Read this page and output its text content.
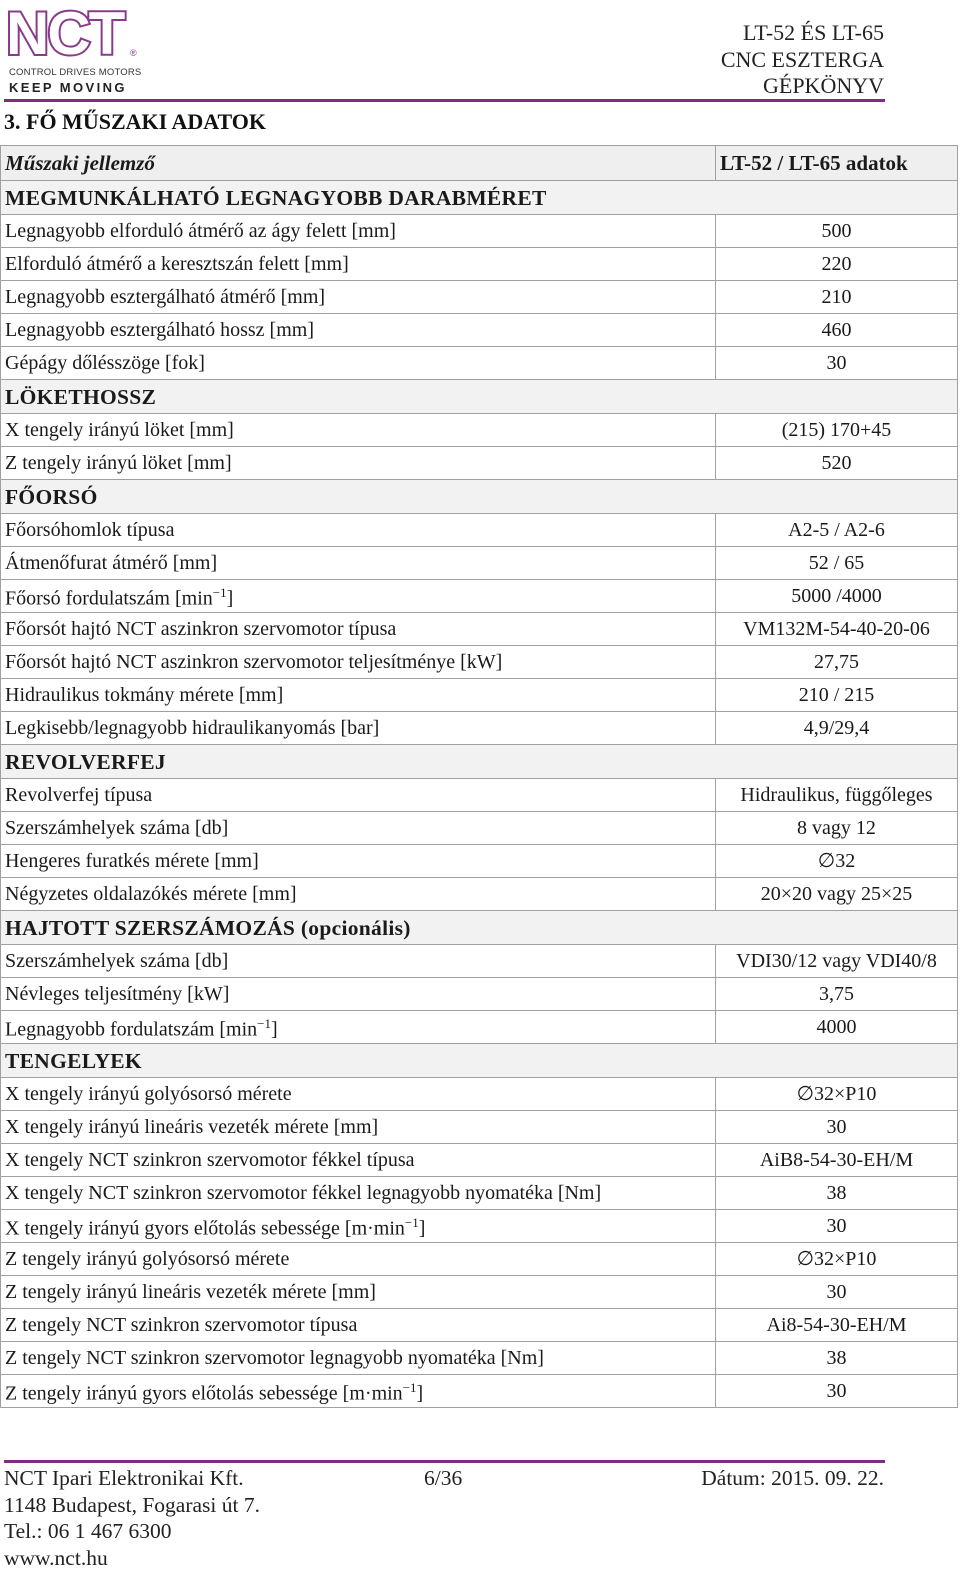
NCT ®
CONTROL DRIVES MOTORS
KEEP MOVING
LT-52 ÉS LT-65
CNC ESZTERGA
GÉPKÖNYV
3. FŐ MŰSZAKI ADATOK
Műszaki jellemző	LT-52 / LT-65 adatok
MEGMUNKÁLHATÓ LEGNAGYOBB DARABMÉRET	
Legnagyobb elforduló átmérő az ágy felett [mm]	500
Elforduló átmérő a keresztszán felett [mm]	220
Legnagyobb esztergálható átmérő [mm]	210
Legnagyobb esztergálható hossz [mm]	460
Gépágy dőlésszöge [fok]	30
LÖKETHOSSZ	
X tengely irányú löket [mm]	(215) 170+45
Z tengely irányú löket [mm]	520
FŐORSÓ	
Főorsóhomlok típusa	A2-5 / A2-6
Átmenőfurat átmérő [mm]	52 / 65
Főorsó fordulatszám $[\min^{-1}]$	5000 /4000
Főorsót hajtó NCT aszinkron szervomotor típusa	VM132M-54-40-20-06
Főorsót hajtó NCT aszinkron szervomotor teljesítménye [kW]	27,75
Hidraulikus tokmány mérete [mm]	210 / 215
Legkisebb/legnagyobb hidraulikanyomás [bar]	4,9/29,4
REVOLVERFEJ	
Revolverfej típusa	Hidraulikus, függőleges
Szerszámhelyek száma [db]	8 vagy 12
Hengeres furatkés mérete [mm]	∅32
Négyzetes oldalazókés mérete [mm]	20×20 vagy 25×25
HAJTOTT SZERSZÁMOZÁS (opcionális)	
Szerszámhelyek száma [db]	VDI30/12 vagy VDI40/8
Névleges teljesítmény [kW]	3,75
Legnagyobb fordulatszám $[\min^{-1}]$	4000
TENGELYEK	
X tengely irányú golyósorsó mérete	∅32×P10
X tengely irányú lineáris vezeték mérete [mm]	30
X tengely NCT szinkron szervomotor fékkel típusa	AiB8-54-30-EH/M
X tengely NCT szinkron szervomotor fékkel legnagyobb nyomatéka [Nm]	38
X tengely irányú gyors előtolás sebessége $[m\cdot\min^{-1}]$	30
Z tengely irányú golyósorsó mérete	∅32×P10
Z tengely irányú lineáris vezeték mérete [mm]	30
Z tengely NCT szinkron szervomotor típusa	Ai8-54-30-EH/M
Z tengely NCT szinkron szervomotor legnagyobb nyomatéka [Nm]	38
Z tengely irányú gyors előtolás sebessége $[m\cdot\min^{-1}]$	30
NCT Ipari Elektronikai Kft.
1148 Budapest, Fogarasi út 7.
Tel.: 06 1 467 6300
www.nct.hu
6/36	Dátum: 2015. 09. 22.
